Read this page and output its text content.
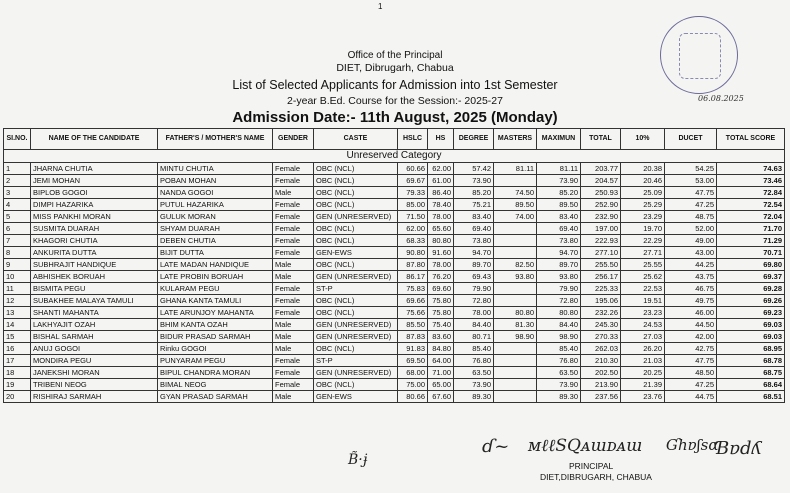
1
Office of the Principal
DIET, Dibrugarh, Chabua
List of Selected Applicants for Admission into 1st Semester
2-year B.Ed. Course for the Session:- 2025-27
Admission Date:- 11th August, 2025 (Monday)
06.08.2025
SI.NO.	NAME OF THE CANDIDATE	FATHER'S / MOTHER'S NAME	GENDER	CASTE	HSLC	HS	DEGREE	MASTERS	MAXIMUN	TOTAL	10%	DUCET	TOTAL SCORE
Unreserved Category													
1	JHARNA CHUTIA	MINTU CHUTIA	Female	OBC (NCL)	60.66	62.00	57.42	81.11	81.11	203.77	20.38	54.25	74.63
2	JEMI MOHAN	POBAN MOHAN	Female	OBC (NCL)	69.67	61.00	73.90		73.90	204.57	20.46	53.00	73.46
3	BIPLOB GOGOI	NANDA GOGOI	Male	OBC (NCL)	79.33	86.40	85.20	74.50	85.20	250.93	25.09	47.75	72.84
4	DIMPI HAZARIKA	PUTUL HAZARIKA	Female	OBC (NCL)	85.00	78.40	75.21	89.50	89.50	252.90	25.29	47.25	72.54
5	MISS PANKHI MORAN	GULUK MORAN	Female	GEN (UNRESERVED)	71.50	78.00	83.40	74.00	83.40	232.90	23.29	48.75	72.04
6	SUSMITA DUARAH	SHYAM DUARAH	Female	OBC (NCL)	62.00	65.60	69.40		69.40	197.00	19.70	52.00	71.70
7	KHAGORI CHUTIA	DEBEN CHUTIA	Female	OBC (NCL)	68.33	80.80	73.80		73.80	222.93	22.29	49.00	71.29
8	ANKURITA DUTTA	BIJIT DUTTA	Female	GEN-EWS	90.80	91.60	94.70		94.70	277.10	27.71	43.00	70.71
9	SUBHRAJIT HANDIQUE	LATE MADAN HANDIQUE	Male	OBC (NCL)	87.80	78.00	89.70	82.50	89.70	255.50	25.55	44.25	69.80
10	ABHISHEK BORUAH	LATE PROBIN BORUAH	Male	GEN (UNRESERVED)	86.17	76.20	69.43	93.80	93.80	256.17	25.62	43.75	69.37
11	BISMITA PEGU	KULARAM PEGU	Female	ST-P	75.83	69.60	79.90		79.90	225.33	22.53	46.75	69.28
12	SUBAKHEE MALAYA TAMULI	GHANA KANTA TAMULI	Female	OBC (NCL)	69.66	75.80	72.80		72.80	195.06	19.51	49.75	69.26
13	SHANTI MAHANTA	LATE ARUNJOY MAHANTA	Female	OBC (NCL)	75.66	75.80	78.00	80.80	80.80	232.26	23.23	46.00	69.23
14	LAKHYAJIT OZAH	BHIM KANTA OZAH	Male	GEN (UNRESERVED)	85.50	75.40	84.40	81.30	84.40	245.30	24.53	44.50	69.03
15	BISHAL SARMAH	BIDUR PRASAD SARMAH	Male	GEN (UNRESERVED)	87.83	83.60	80.71	98.90	98.90	270.33	27.03	42.00	69.03
16	ANUJ GOGOI	Rinku GOGOI	Male	OBC (NCL)	91.83	84.80	85.40		85.40	262.03	26.20	42.75	68.95
17	MONDIRA PEGU	PUNYARAM PEGU	Female	ST-P	69.50	64.00	76.80		76.80	210.30	21.03	47.75	68.78
18	JANEKSHI MORAN	BIPUL CHANDRA MORAN	Female	GEN (UNRESERVED)	68.00	71.00	63.50		63.50	202.50	20.25	48.50	68.75
19	TRIBENI NEOG	BIMAL NEOG	Female	OBC (NCL)	75.00	65.00	73.90		73.90	213.90	21.39	47.25	68.64
20	RISHIRAJ SARMAH	GYAN PRASAD SARMAH	Male	GEN-EWS	80.66	67.60	89.30		89.30	237.56	23.76	44.75	68.51
B̃·ɉ
ɗ~ ᴍℓℓSQᴀɯᴅᴀɯ Ɠhɐʃsɑ
Ɓɐdʎ
PRINCIPAL
DIET,DIBRUGARH, CHABUA
